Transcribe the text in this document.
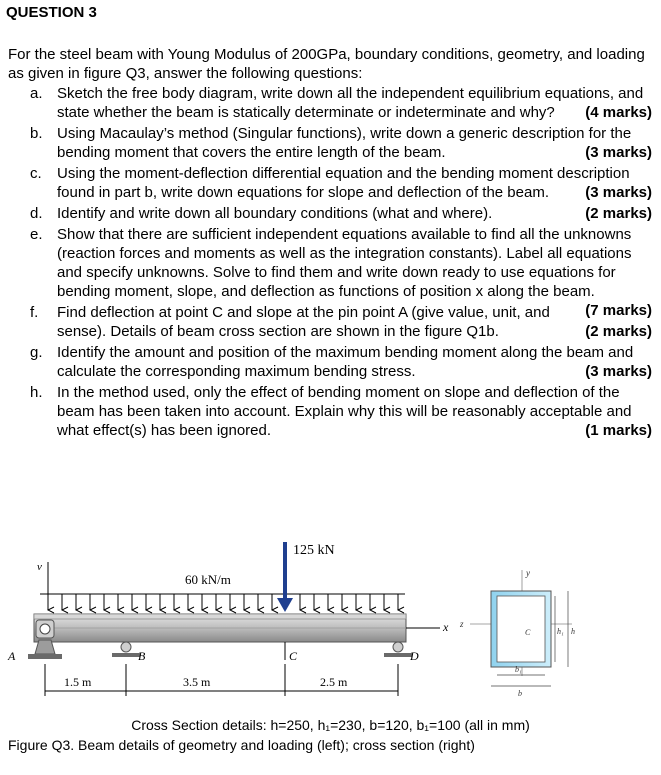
QUESTION 3
For the steel beam with Young Modulus of 200GPa, boundary conditions, geometry, and loading as given in figure Q3, answer the following questions:
a. Sketch the free body diagram, write down all the independent equilibrium equations, and state whether the beam is statically determinate or indeterminate and why? (4 marks)
b. Using Macaulay’s method (Singular functions), write down a generic description for the bending moment that covers the entire length of the beam.	(3 marks)
c.	Using the moment-deflection differential equation and the bending moment description found in part b, write down equations for slope and deflection of the beam. (3 marks)
d. Identify and write down all boundary conditions (what and where).	(2 marks)
e. Show that there are sufficient independent equations available to find all the unknowns (reaction forces and moments as well as the integration constants). Label all equations and specify unknowns. Solve to find them and write down ready to use equations for bending moment, slope, and deflection as functions of position x along the beam.
(7 marks)
f.	Find deflection at point C and slope at the pin point A (give value, unit, and sense). Details of beam cross section are shown in the figure Q1b.	(2 marks)
g. Identify the amount and position of the maximum bending moment along the beam and calculate the corresponding maximum bending stress.	(3 marks)
h. In the method used, only the effect of bending moment on slope and deflection of the beam has been taken into account. Explain why this will be reasonably acceptable and what effect(s) has been ignored.	(1 marks)
v
60 kN/m
125 kN
A	B	C	D
x
1.5 m	3.5 m	2.5 m
y
z
C	h₁ h
b₁
b
Cross Section details: h=250, h₁=230, b=120, b₁=100 (all in mm)
Figure Q3. Beam details of geometry and loading (left); cross section (right)
